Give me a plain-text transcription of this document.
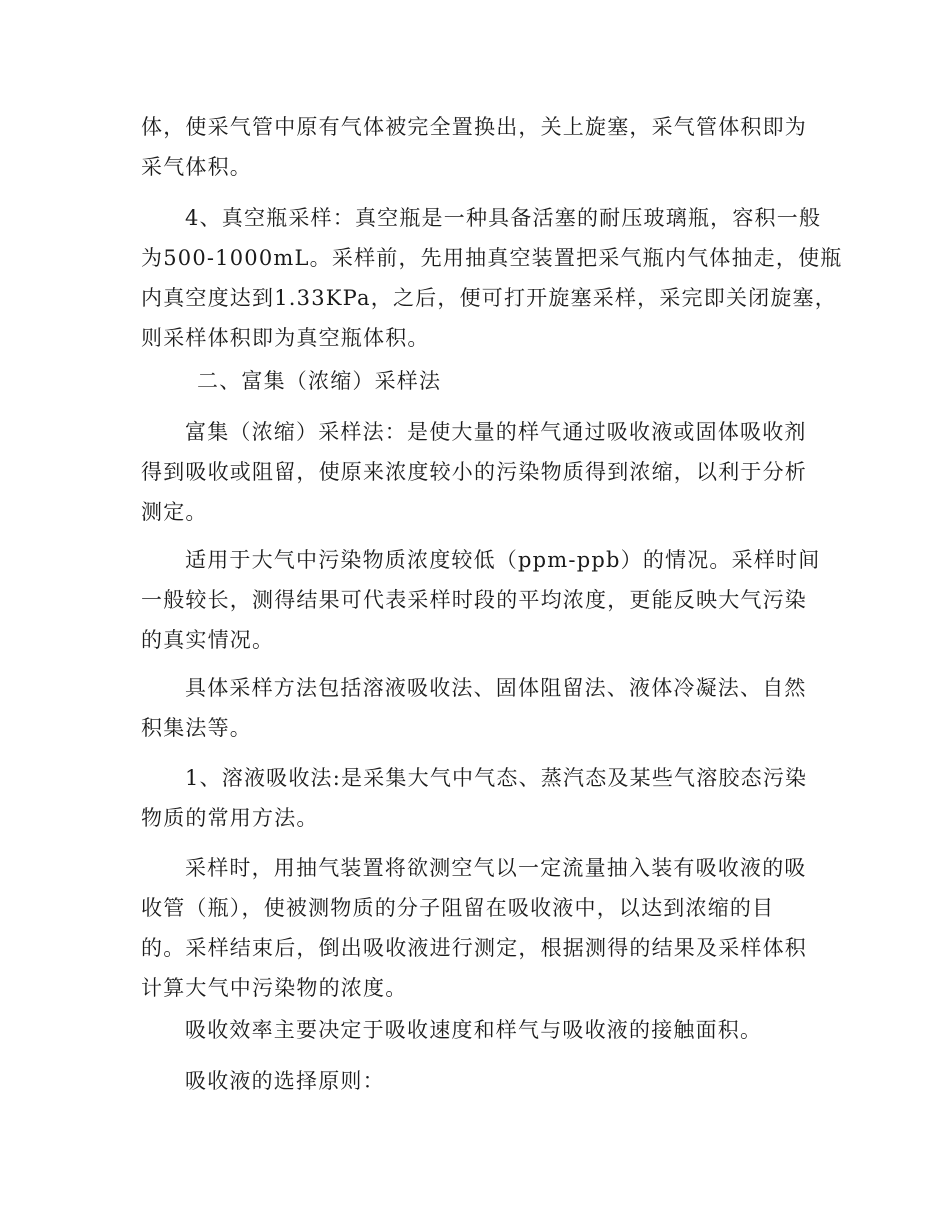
体，使采气管中原有气体被完全置换出，关上旋塞，采气管体积即为
采气体积。

4、真空瓶采样：真空瓶是一种具备活塞的耐压玻璃瓶，容积一般
为500-1000mL。采样前，先用抽真空装置把采气瓶内气体抽走，使瓶
内真空度达到1.33KPa，之后，便可打开旋塞采样，采完即关闭旋塞，
则采样体积即为真空瓶体积。

二、富集（浓缩）采样法

富集（浓缩）采样法：是使大量的样气通过吸收液或固体吸收剂
得到吸收或阻留，使原来浓度较小的污染物质得到浓缩，以利于分析
测定。

适用于大气中污染物质浓度较低（ppm-ppb）的情况。采样时间
一般较长，测得结果可代表采样时段的平均浓度，更能反映大气污染
的真实情况。

具体采样方法包括溶液吸收法、固体阻留法、液体冷凝法、自然
积集法等。

1、溶液吸收法:是采集大气中气态、蒸汽态及某些气溶胶态污染
物质的常用方法。

采样时，用抽气装置将欲测空气以一定流量抽入装有吸收液的吸
收管（瓶），使被测物质的分子阻留在吸收液中，以达到浓缩的目
的。采样结束后，倒出吸收液进行测定，根据测得的结果及采样体积
计算大气中污染物的浓度。

吸收效率主要决定于吸收速度和样气与吸收液的接触面积。

吸收液的选择原则：
